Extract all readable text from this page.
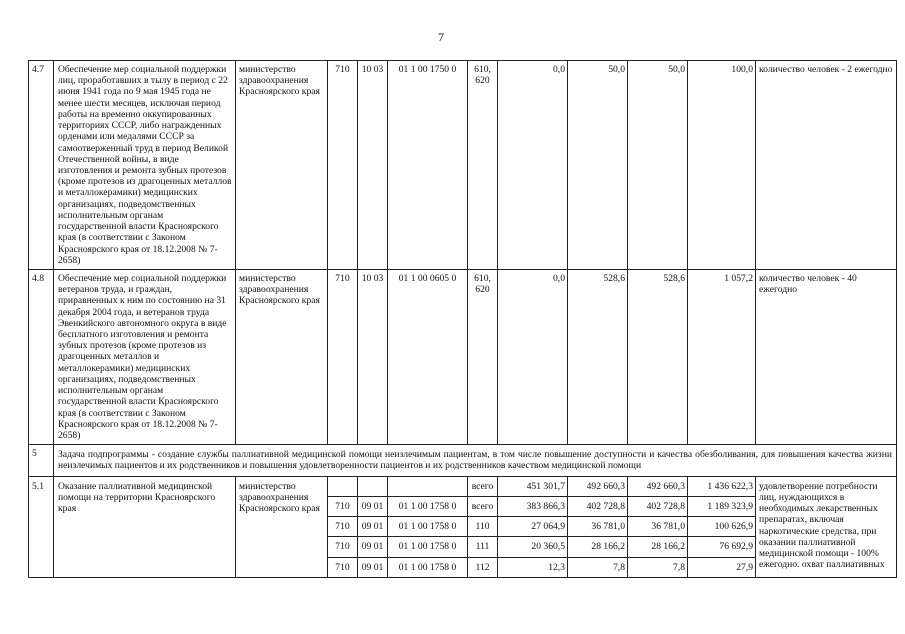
7
4.7	Обеспечение мер социальной поддержки лиц, проработавших в тылу в период с 22 июня 1941 года по 9 мая 1945 года не менее шести месяцев, исключая период работы на временно оккупированных территориях СССР, либо награжденных орденами или медалями СССР за самоотверженный труд в период Великой Отечественной войны, в виде изготовления и ремонта зубных протезов (кроме протезов из драгоценных металлов и металлокерамики) медицинских организациях, подведомственных исполнительным органам государственной власти Красноярского края (в соответствии с Законом Красноярского края от 18.12.2008 № 7-2658)	министерство здравоохранения Красноярского края	710	10 03	01 1 00 1750 0	610, 620	0,0	50,0	50,0	100,0	количество человек - 2 ежегодно
4.8	Обеспечение мер социальной поддержки ветеранов труда, и граждан, приравненных к ним по состоянию на 31 декабря 2004 года, и ветеранов труда Эвенкийского автономного округа в виде бесплатного изготовления и ремонта зубных протезов (кроме протезов из драгоценных металлов и металлокерамики) медицинских организациях, подведомственных исполнительным органам государственной власти Красноярского края (в соответствии с Законом Красноярского края от 18.12.2008 № 7-2658)	министерство здравоохранения Красноярского края	710	10 03	01 1 00 0605 0	610, 620	0,0	528,6	528,6	1 057,2	количество человек - 40 ежегодно
5	Задача подпрограммы - создание службы паллиативной медицинской помощи неизлечимым пациентам, в том числе повышение доступности и качества обезболивания, для повышения качества жизни неизлечимых пациентов и их родственников и повышения удовлетворенности пациентов и их родственников качеством медицинской помощи										
5.1	Оказание паллиативной медицинской помощи на территории Красноярского края	министерство здравоохранения Красноярского края				всего	451 301,7	492 660,3	492 660,3	1 436 622,3	удовлетворение потребности лиц, нуждающихся в необходимых лекарственных препаратах, включая наркотические средства, при оказании паллиативной медицинской помощи - 100% ежегодно. охват паллиативных
			710	09 01	01 1 00 1758 0	всего	383 866,3	402 728,8	402 728,8	1 189 323,9	
			710	09 01	01 1 00 1758 0	110	27 064,9	36 781,0	36 781,0	100 626,9	
			710	09 01	01 1 00 1758 0	111	20 360,5	28 166,2	28 166,2	76 692,9	
			710	09 01	01 1 00 1758 0	112	12,3	7,8	7,8	27,9	
